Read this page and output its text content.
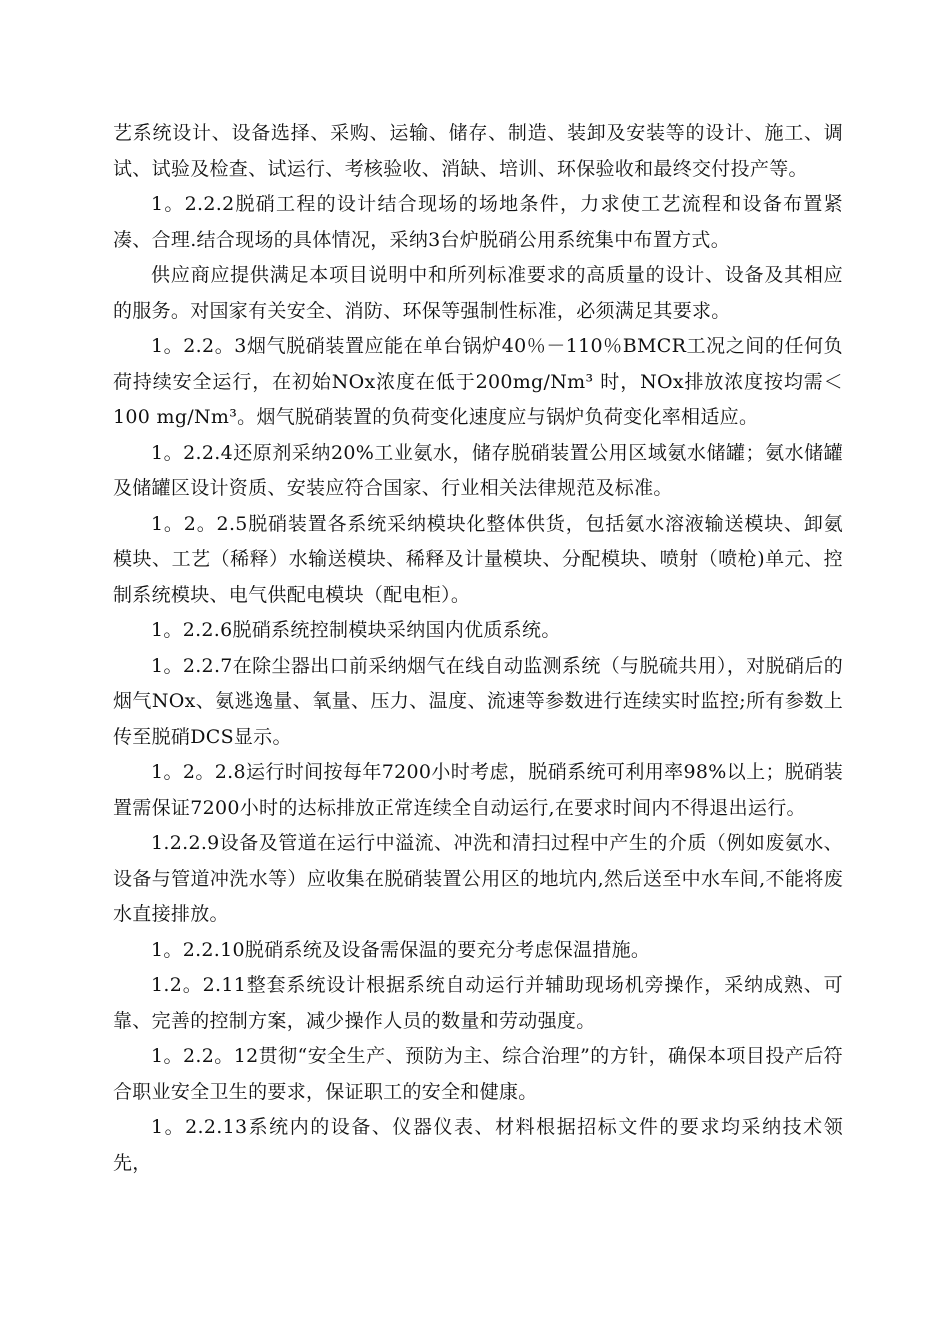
艺系统设计、设备选择、采购、运输、储存、制造、装卸及安装等的设计、施工、调试、试验及检查、试运行、考核验收、消缺、培训、环保验收和最终交付投产等。

1。2.2.2脱硝工程的设计结合现场的场地条件，力求使工艺流程和设备布置紧凑、合理.结合现场的具体情况，采纳3台炉脱硝公用系统集中布置方式。

供应商应提供满足本项目说明中和所列标准要求的高质量的设计、设备及其相应的服务。对国家有关安全、消防、环保等强制性标准，必须满足其要求。

1。2.2。3烟气脱硝装置应能在单台锅炉40％－110％BMCR工况之间的任何负荷持续安全运行，在初始NOx浓度在低于200mg/Nm³ 时，NOx排放浓度按均需＜100 mg/Nm³。烟气脱硝装置的负荷变化速度应与锅炉负荷变化率相适应。

1。2.2.4还原剂采纳20%工业氨水，储存脱硝装置公用区域氨水储罐；氨水储罐及储罐区设计资质、安装应符合国家、行业相关法律规范及标准。

1。2。2.5脱硝装置各系统采纳模块化整体供货，包括氨水溶液输送模块、卸氨模块、工艺（稀释）水输送模块、稀释及计量模块、分配模块、喷射（喷枪)单元、控制系统模块、电气供配电模块（配电柜）。

1。2.2.6脱硝系统控制模块采纳国内优质系统。

1。2.2.7在除尘器出口前采纳烟气在线自动监测系统（与脱硫共用），对脱硝后的烟气NOx、氨逃逸量、氧量、压力、温度、流速等参数进行连续实时监控;所有参数上传至脱硝DCS显示。

1。2。2.8运行时间按每年7200小时考虑，脱硝系统可利用率98%以上；脱硝装置需保证7200小时的达标排放正常连续全自动运行,在要求时间内不得退出运行。

1.2.2.9设备及管道在运行中溢流、冲洗和清扫过程中产生的介质（例如废氨水、设备与管道冲洗水等）应收集在脱硝装置公用区的地坑内,然后送至中水车间,不能将废水直接排放。

1。2.2.10脱硝系统及设备需保温的要充分考虑保温措施。

1.2。2.11整套系统设计根据系统自动运行并辅助现场机旁操作，采纳成熟、可靠、完善的控制方案，减少操作人员的数量和劳动强度。

1。2.2。12贯彻“安全生产、预防为主、综合治理”的方针，确保本项目投产后符合职业安全卫生的要求，保证职工的安全和健康。

1。2.2.13系统内的设备、仪器仪表、材料根据招标文件的要求均采纳技术领先，
